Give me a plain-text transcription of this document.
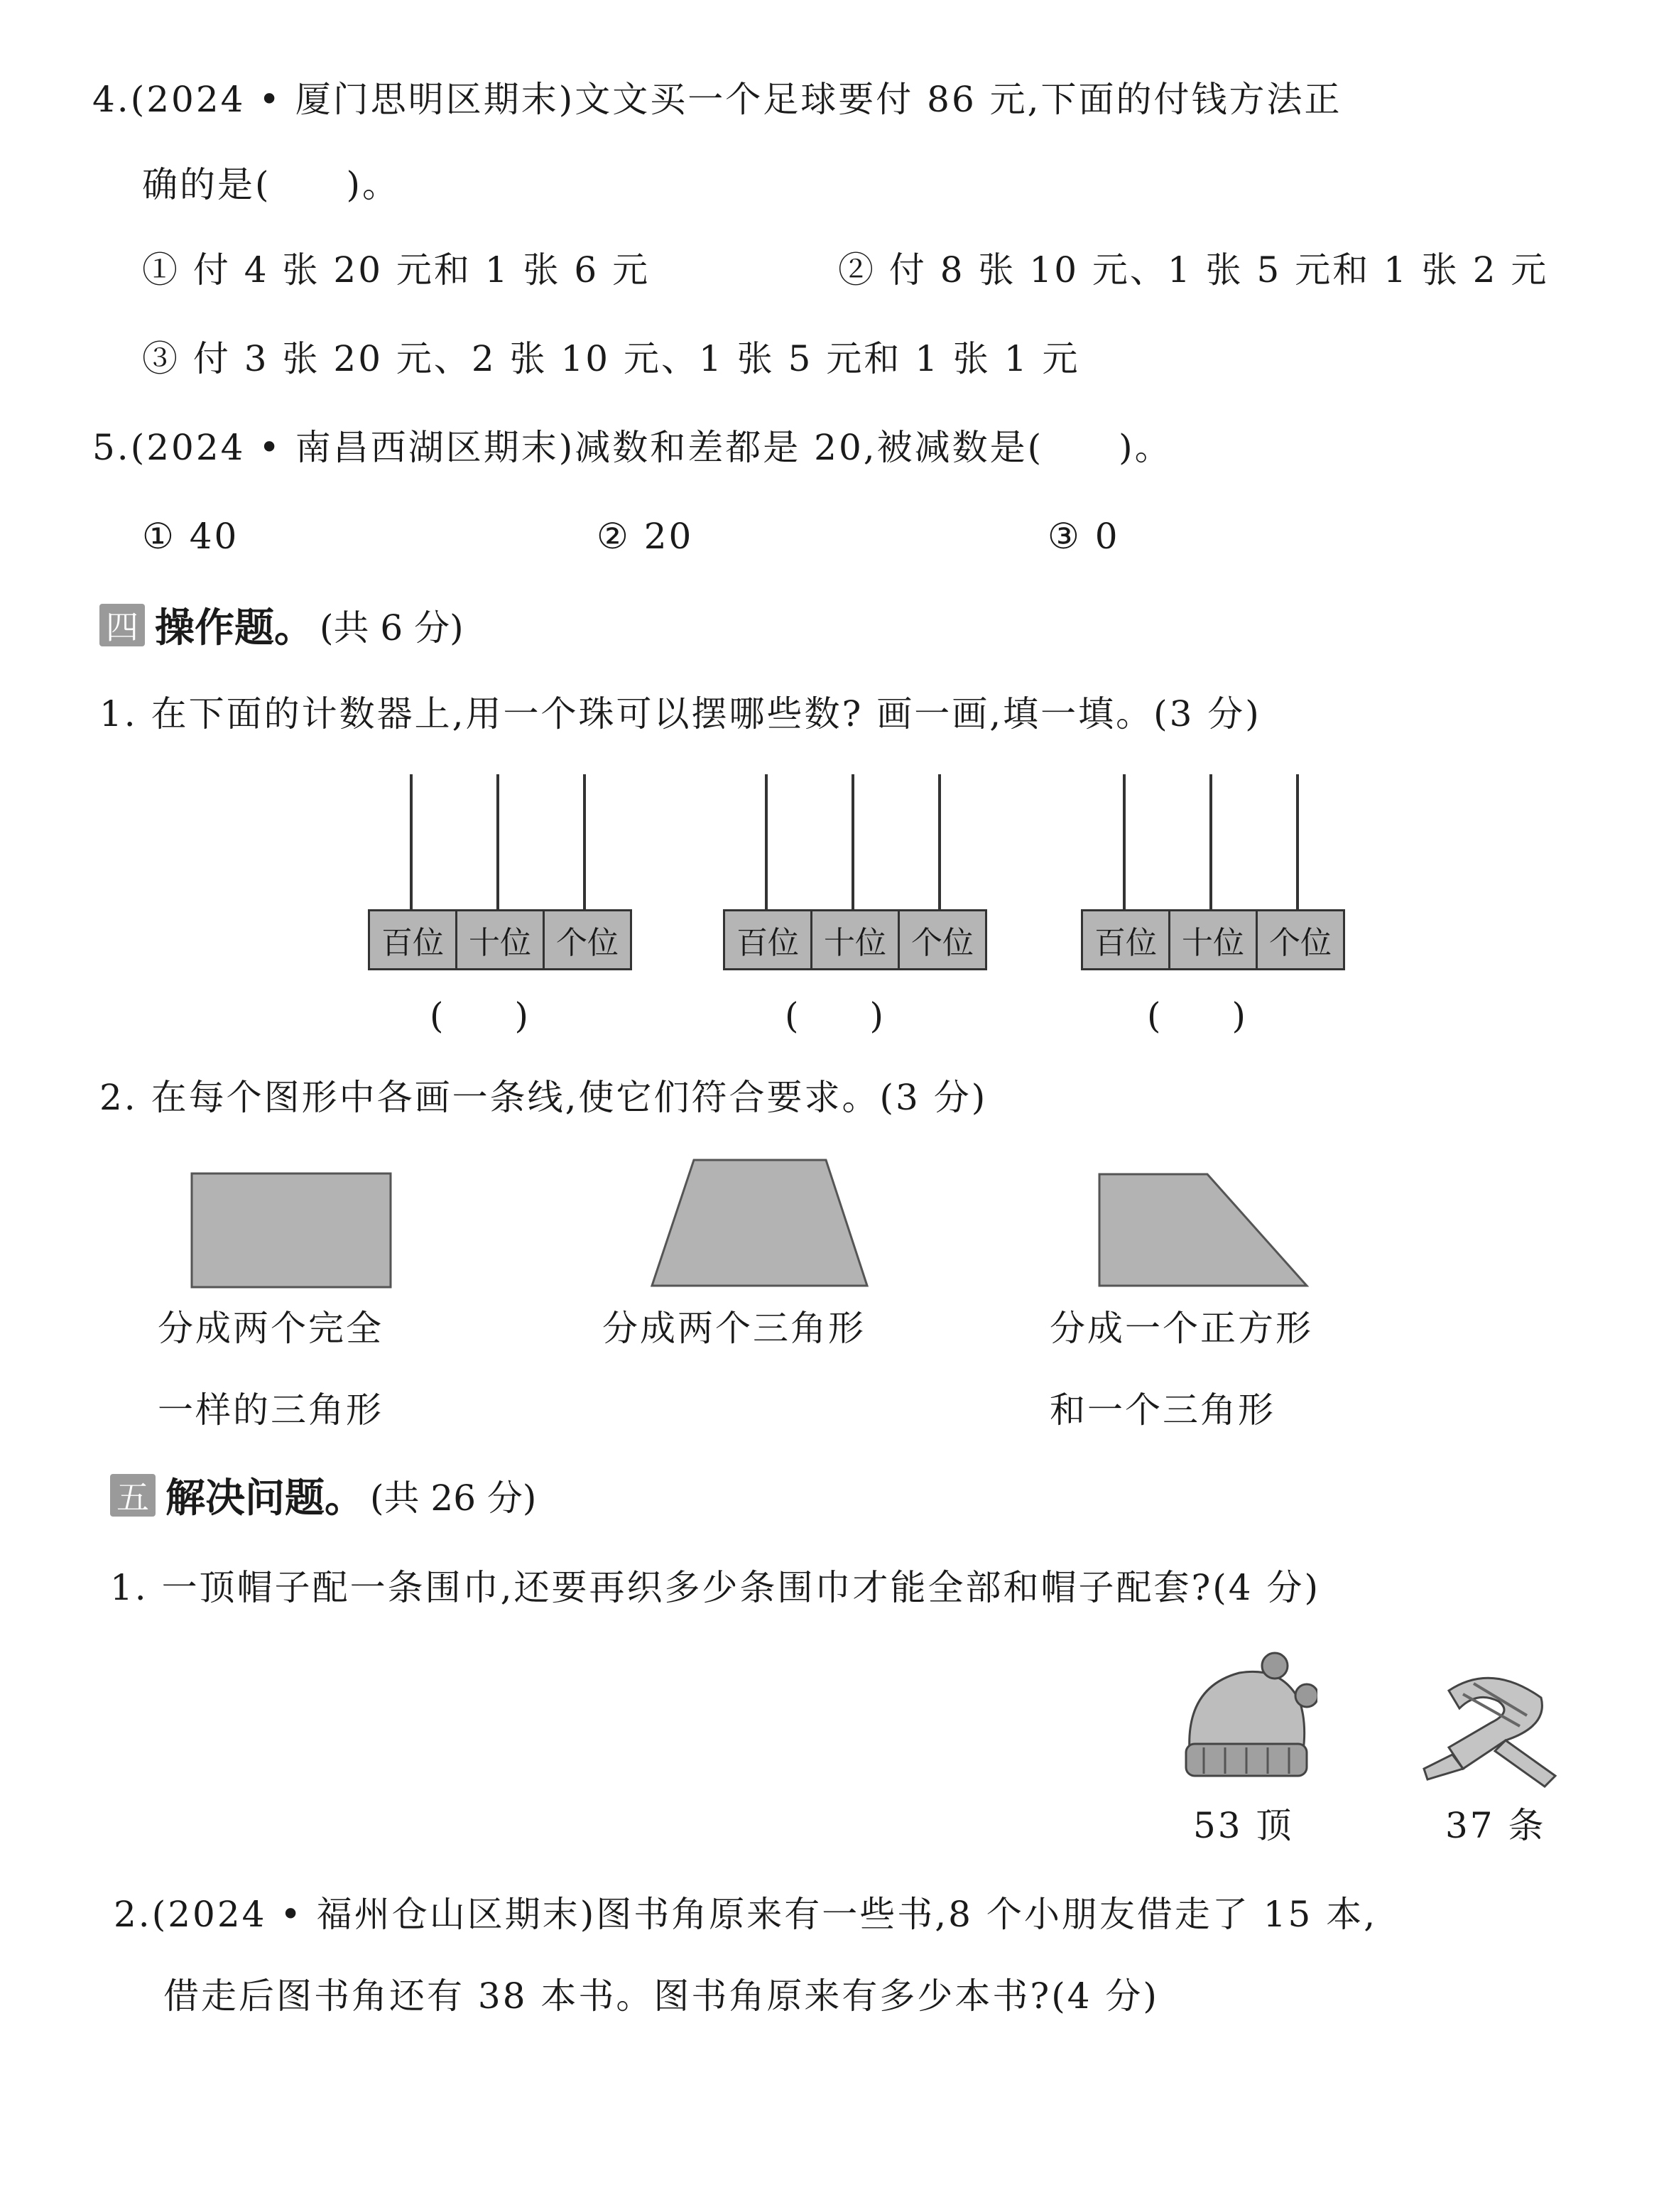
4.(2024 • 厦门思明区期末)文文买一个足球要付 86 元,下面的付钱方法正
确的是(　　)。
① 付 4 张 20 元和 1 张 6 元	② 付 8 张 10 元、1 张 5 元和 1 张 2 元
③ 付 3 张 20 元、2 张 10 元、1 张 5 元和 1 张 1 元
5.(2024 • 南昌西湖区期末)减数和差都是 20,被减数是(　　)。
① 40	② 20	③ 0
四 操作题。 (共 6 分)
1. 在下面的计数器上,用一个珠可以摆哪些数? 画一画,填一填。(3 分)
百位 十位 个位
(　　)
百位 十位 个位
(　　)
百位 十位 个位
(　　)
2. 在每个图形中各画一条线,使它们符合要求。(3 分)
分成两个完全
一样的三角形
分成两个三角形	分成一个正方形
和一个三角形
五 解决问题。 (共 26 分)
1. 一顶帽子配一条围巾,还要再织多少条围巾才能全部和帽子配套?(4 分)
53 顶	37 条
2.(2024 • 福州仓山区期末)图书角原来有一些书,8 个小朋友借走了 15 本,
借走后图书角还有 38 本书。图书角原来有多少本书?(4 分)
